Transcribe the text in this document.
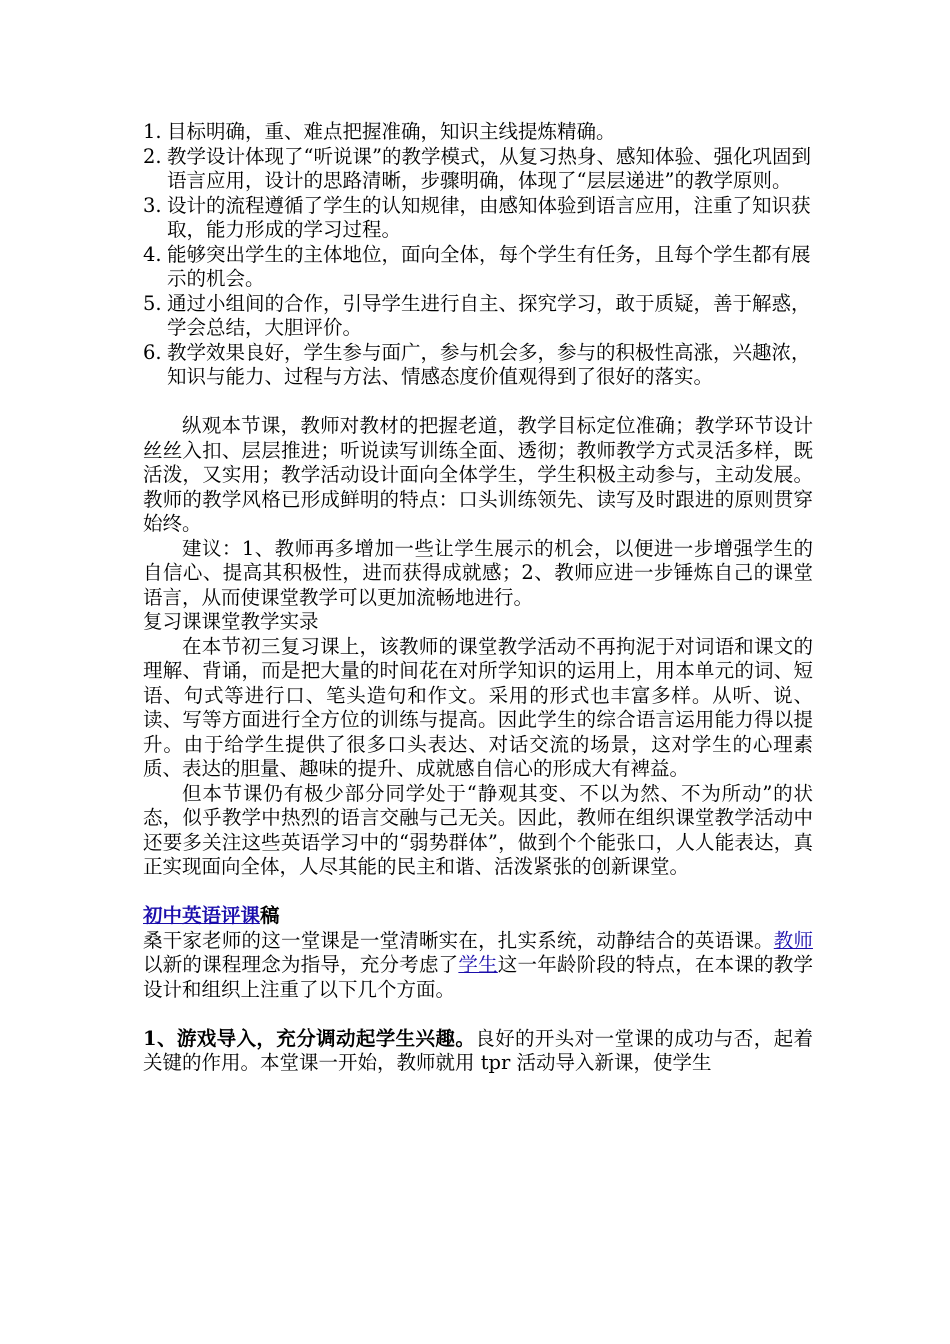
1. 目标明确，重、难点把握准确，知识主线提炼精确。
2. 教学设计体现了“听说课”的教学模式，从复习热身、感知体验、强化巩固到语言应用，设计的思路清晰，步骤明确，体现了“层层递进”的教学原则。
3. 设计的流程遵循了学生的认知规律，由感知体验到语言应用，注重了知识获取，能力形成的学习过程。
4. 能够突出学生的主体地位，面向全体，每个学生有任务，且每个学生都有展示的机会。
5. 通过小组间的合作，引导学生进行自主、探究学习，敢于质疑，善于解惑，学会总结，大胆评价。
6. 教学效果良好，学生参与面广，参与机会多，参与的积极性高涨，兴趣浓，知识与能力、过程与方法、情感态度价值观得到了很好的落实。

纵观本节课，教师对教材的把握老道，教学目标定位准确；教学环节设计丝丝入扣、层层推进；听说读写训练全面、透彻；教师教学方式灵活多样，既活泼，又实用；教学活动设计面向全体学生，学生积极主动参与，主动发展。教师的教学风格已形成鲜明的特点：口头训练领先、读写及时跟进的原则贯穿始终。

建议：1、教师再多增加一些让学生展示的机会，以便进一步增强学生的自信心、提高其积极性，进而获得成就感；2、教师应进一步锤炼自己的课堂语言，从而使课堂教学可以更加流畅地进行。

复习课课堂教学实录

在本节初三复习课上，该教师的课堂教学活动不再拘泥于对词语和课文的理解、背诵，而是把大量的时间花在对所学知识的运用上，用本单元的词、短语、句式等进行口、笔头造句和作文。采用的形式也丰富多样。从听、说、读、写等方面进行全方位的训练与提高。因此学生的综合语言运用能力得以提升。由于给学生提供了很多口头表达、对话交流的场景，这对学生的心理素质、表达的胆量、趣味的提升、成就感自信心的形成大有裨益。

但本节课仍有极少部分同学处于“静观其变、不以为然、不为所动”的状态，似乎教学中热烈的语言交融与己无关。因此，教师在组织课堂教学活动中还要多关注这些英语学习中的“弱势群体”，做到个个能张口，人人能表达，真正实现面向全体，人尽其能的民主和谐、活泼紧张的创新课堂。

初中英语评课稿

桑干家老师的这一堂课是一堂清晰实在，扎实系统，动静结合的英语课。教师以新的课程理念为指导，充分考虑了学生这一年龄阶段的特点，在本课的教学设计和组织上注重了以下几个方面。

1、游戏导入，充分调动起学生兴趣。良好的开头对一堂课的成功与否，起着关键的作用。本堂课一开始，教师就用 tpr 活动导入新课，使学生
